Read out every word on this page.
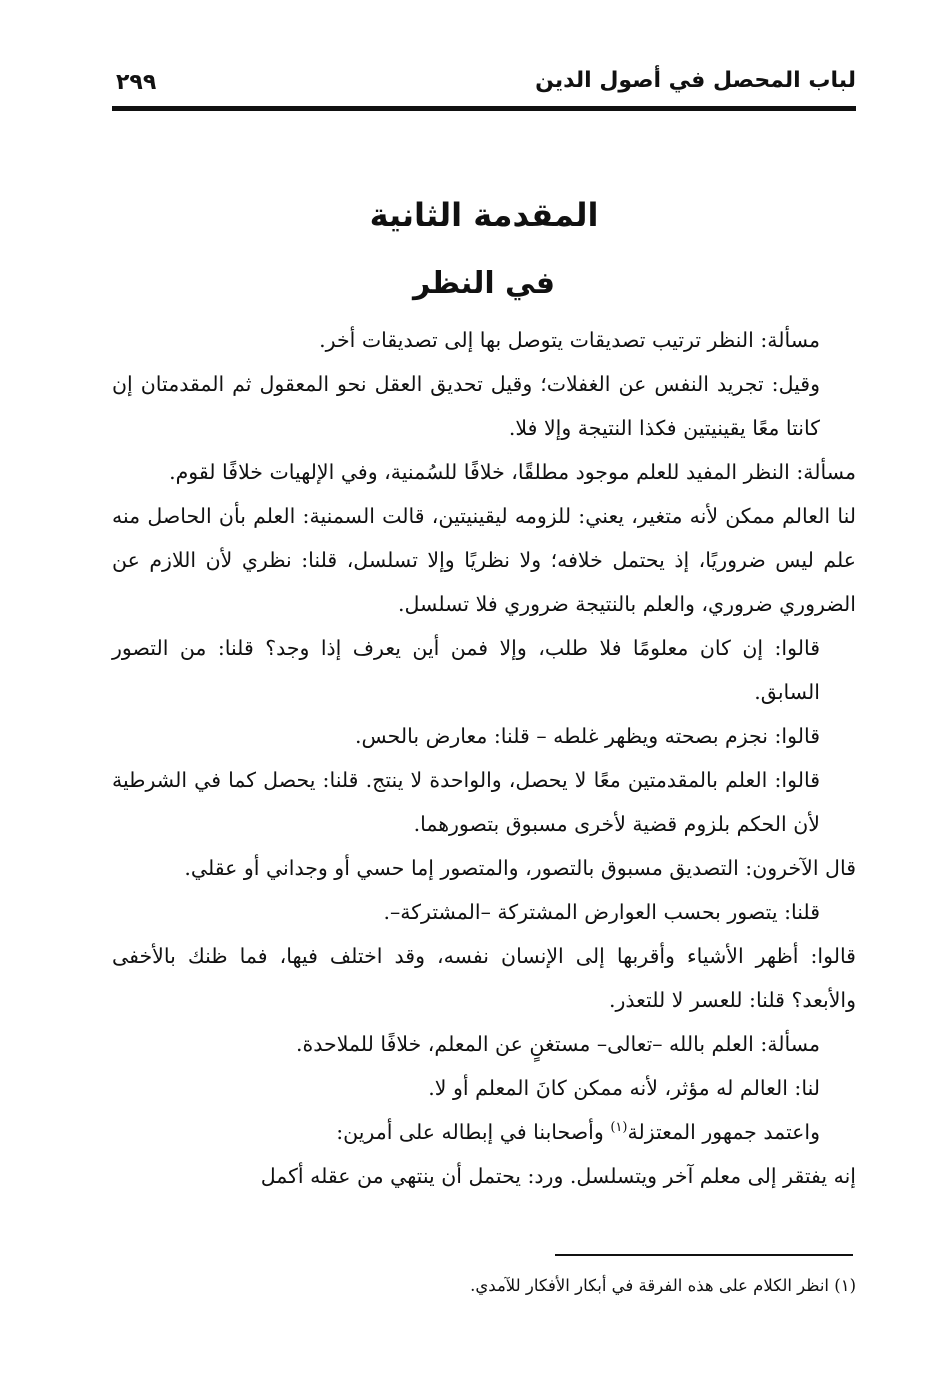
لباب المحصل في أصول الدين
٢٩٩
المقدمة الثانية
في النظر

مسألة: النظر ترتيب تصديقات يتوصل بها إلى تصديقات أخر.

وقيل: تجريد النفس عن الغفلات؛ وقيل تحديق العقل نحو المعقول ثم المقدمتان إن كانتا معًا يقينيتين فكذا النتيجة وإلا فلا.

مسألة: النظر المفيد للعلم موجود مطلقًا، خلافًا للسُمنية، وفي الإلهيات خلافًا لقوم.

لنا العالم ممكن لأنه متغير، يعني: للزومه ليقينيتين، قالت السمنية: العلم بأن الحاصل منه علم ليس ضروريًا، إذ يحتمل خلافه؛ ولا نظريًا وإلا تسلسل، قلنا: نظري لأن اللازم عن الضروري ضروري، والعلم بالنتيجة ضروري فلا تسلسل.

قالوا: إن كان معلومًا فلا طلب، وإلا فمن أين يعرف إذا وجد؟ قلنا: من التصور السابق.

قالوا: نجزم بصحته ويظهر غلطه – قلنا: معارض بالحس.

قالوا: العلم بالمقدمتين معًا لا يحصل، والواحدة لا ينتج. قلنا: يحصل كما في الشرطية لأن الحكم بلزوم قضية لأخرى مسبوق بتصورهما.

قال الآخرون: التصديق مسبوق بالتصور، والمتصور إما حسي أو وجداني أو عقلي.

قلنا: يتصور بحسب العوارض المشتركة –المشتركة–.

قالوا: أظهر الأشياء وأقربها إلى الإنسان نفسه، وقد اختلف فيها، فما ظنك بالأخفى والأبعد؟ قلنا: للعسر لا للتعذر.

مسألة: العلم بالله –تعالى– مستغنٍ عن المعلم، خلافًا للملاحدة.

لنا: العالم له مؤثر، لأنه ممكن كانَ المعلم أو لا.

واعتمد جمهور المعتزلة$^{(١)}$ وأصحابنا في إبطاله على أمرين:

إنه يفتقر إلى معلم آخر ويتسلسل. ورد: يحتمل أن ينتهي من عقله أكمل

(١) انظر الكلام على هذه الفرقة في أبكار الأفكار للآمدي.
